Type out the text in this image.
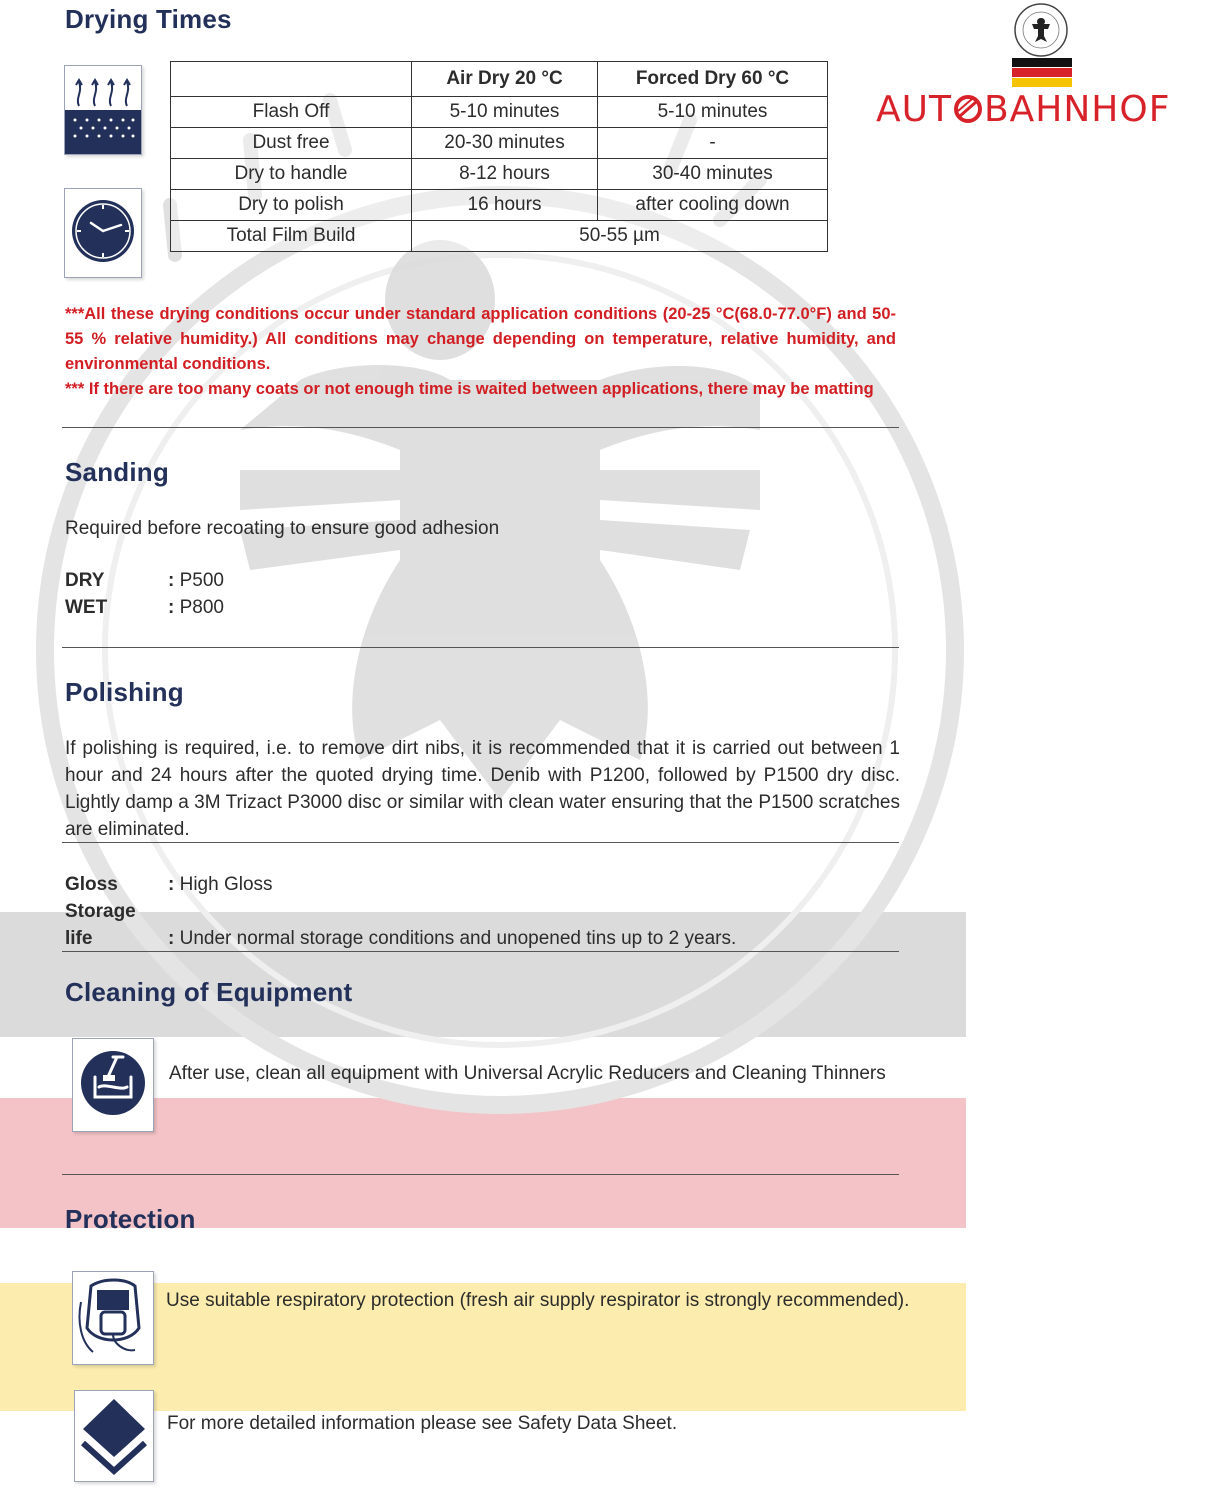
AUT BAHNHOF
Drying Times
	Air Dry 20 °C	Forced Dry 60 °C
Flash Off	5-10 minutes	5-10 minutes
Dust free	20-30 minutes	-
Dry to handle	8-12 hours	30-40 minutes
Dry to polish	16 hours	after cooling down
Total Film Build	50-55 µm	

***All these drying conditions occur under standard application conditions (20-25 °C(68.0-77.0°F) and 50-55 % relative humidity.) All conditions may change depending on temperature, relative humidity, and environmental conditions.

*** If there are too many coats or not enough time is waited between applications, there may be matting

Sanding
Required before recoating to ensure good adhesion
DRY	: P500
WET	: P800
Polishing
If polishing is required, i.e. to remove dirt nibs, it is recommended that it is carried out between 1 hour and 24 hours after the quoted drying time. Denib with P1200, followed by P1500 dry disc. Lightly damp a 3M Trizact P3000 disc or similar with clean water ensuring that the P1500 scratches are eliminated.
Gloss	: High Gloss
Storage life	: Under normal storage conditions and unopened tins up to 2 years.
Cleaning of Equipment
After use, clean all equipment with Universal Acrylic Reducers and Cleaning Thinners
Protection
Use suitable respiratory protection (fresh air supply respirator is strongly recommended).
For more detailed information please see Safety Data Sheet.
